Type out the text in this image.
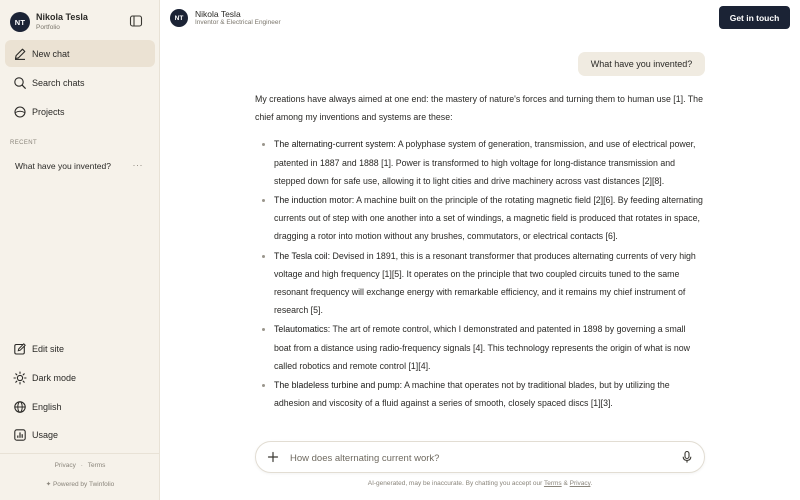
NT
Nikola Tesla
Portfolio
New chat
Search chats
Projects
RECENT
What have you invented? ···
Edit site
Dark mode
English
Usage
Privacy · Terms
✦ Powered by Twinfolio
NT	Nikola Tesla
Inventor & Electrical Engineer	Get in touch
What have you invented?

My creations have always aimed at one end: the mastery of nature's forces and turning them to human use [1]. The chief among my inventions and systems are these:

The alternating-current system: A polyphase system of generation, transmission, and use of electrical power, patented in 1887 and 1888 [1]. Power is transformed to high voltage for long-distance transmission and stepped down for safe use, allowing it to light cities and drive machinery across vast distances [2][8].
The induction motor: A machine built on the principle of the rotating magnetic field [2][6]. By feeding alternating currents out of step with one another into a set of windings, a magnetic field is produced that rotates in space, dragging a rotor into motion without any brushes, commutators, or electrical contacts [6].
The Tesla coil: Devised in 1891, this is a resonant transformer that produces alternating currents of very high voltage and high frequency [1][5]. It operates on the principle that two coupled circuits tuned to the same resonant frequency will exchange energy with remarkable efficiency, and it remains my chief instrument of research [5].
Telautomatics: The art of remote control, which I demonstrated and patented in 1898 by governing a small boat from a distance using radio-frequency signals [4]. This technology represents the origin of what is now called robotics and remote control [1][4].
The bladeless turbine and pump: A machine that operates not by traditional blades, but by utilizing the adhesion and viscosity of a fluid against a series of smooth, closely spaced discs [1][3].
How does alternating current work?
AI-generated, may be inaccurate. By chatting you accept our Terms & Privacy.
